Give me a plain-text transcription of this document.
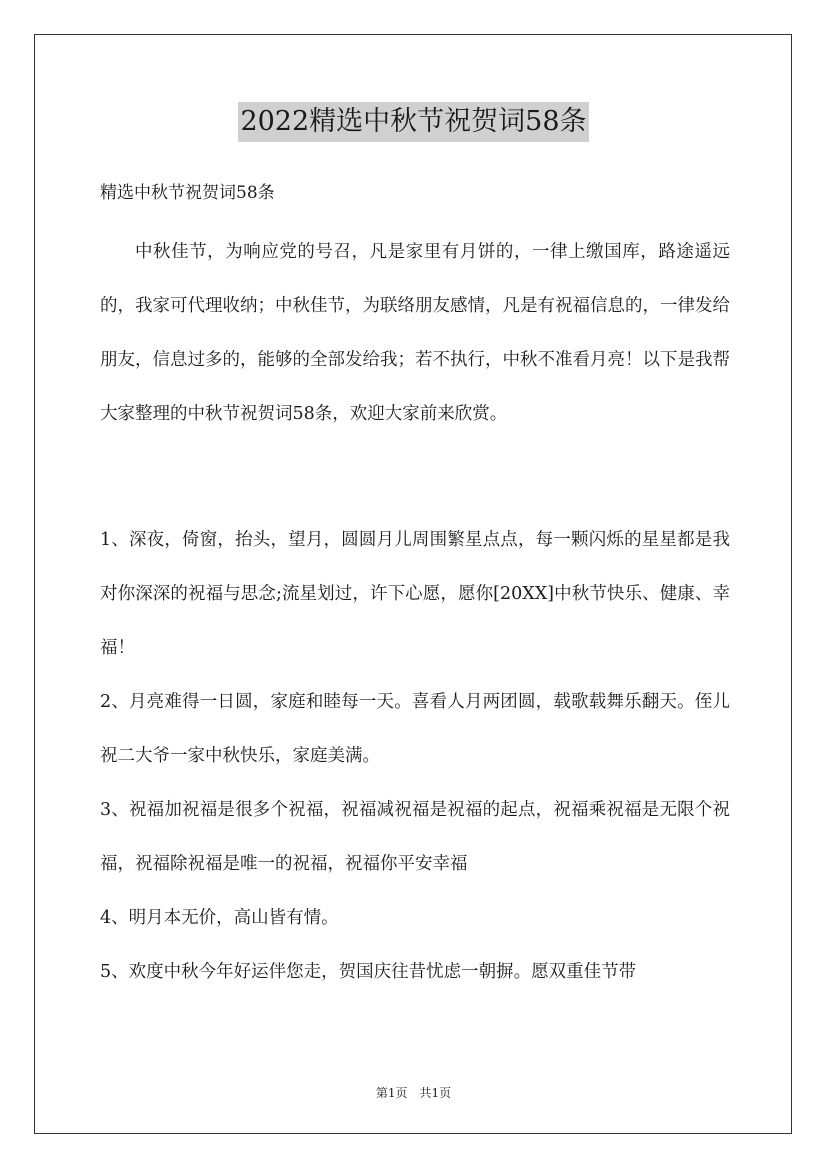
2022精选中秋节祝贺词58条

精选中秋节祝贺词58条

中秋佳节，为响应党的号召，凡是家里有月饼的，一律上缴国库，路途遥远的，我家可代理收纳；中秋佳节，为联络朋友感情，凡是有祝福信息的，一律发给朋友，信息过多的，能够的全部发给我；若不执行，中秋不准看月亮！以下是我帮大家整理的中秋节祝贺词58条，欢迎大家前来欣赏。

1、深夜，倚窗，抬头，望月，圆圆月儿周围繁星点点，每一颗闪烁的星星都是我对你深深的祝福与思念;流星划过，许下心愿，愿你[20XX]中秋节快乐、健康、幸福！

2、月亮难得一日圆，家庭和睦每一天。喜看人月两团圆，载歌载舞乐翻天。侄儿祝二大爷一家中秋快乐，家庭美满。

3、祝福加祝福是很多个祝福，祝福减祝福是祝福的起点，祝福乘祝福是无限个祝福，祝福除祝福是唯一的祝福，祝福你平安幸福

4、明月本无价，高山皆有情。

5、欢度中秋今年好运伴您走，贺国庆往昔忧虑一朝摒。愿双重佳节带

第1页 共1页
